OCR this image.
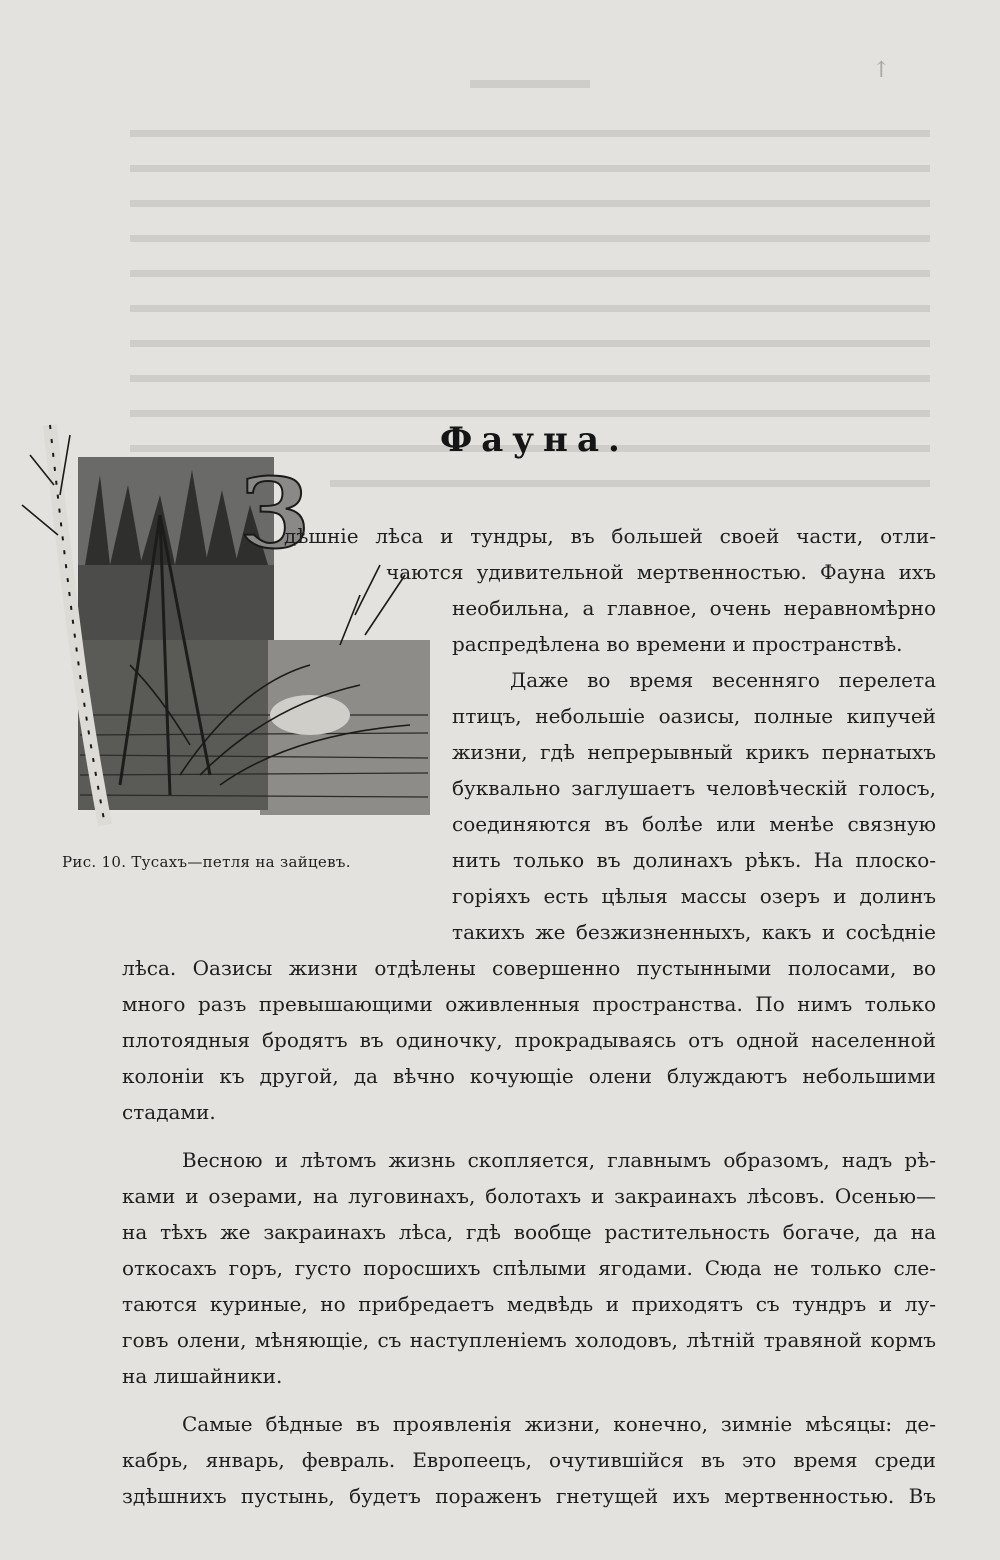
↑
Фауна.
З
Рис. 10. Тусахъ—петля на зайцевъ.
дѣшніе лѣса и тундры, въ большей своей части, отли-
чаются удивительной мертвенностью. Фауна ихъ
необильна, а главное, очень неравномѣрно
распредѣлена во времени и пространствѣ.
Даже во время весенняго перелета
птицъ, небольшіе оазисы, полные кипучей
жизни, гдѣ непрерывный крикъ пернатыхъ
буквально заглушаетъ человѣческій голосъ,
соединяются въ болѣе или менѣе связную
нить только въ долинахъ рѣкъ. На плоско-
горіяхъ есть цѣлыя массы озеръ и долинъ
такихъ же безжизненныхъ, какъ и сосѣдніе
лѣса. Оазисы жизни отдѣлены совершенно пустынными полосами, во
много разъ превышающими оживленныя пространства. По нимъ только
плотоядныя бродятъ въ одиночку, прокрадываясь отъ одной населенной
колоніи къ другой, да вѣчно кочующіе олени блуждаютъ небольшими
стадами.
Весною и лѣтомъ жизнь скопляется, главнымъ образомъ, надъ рѣ-
ками и озерами, на луговинахъ, болотахъ и закраинахъ лѣсовъ. Осенью—
на тѣхъ же закраинахъ лѣса, гдѣ вообще растительность богаче, да на
откосахъ горъ, густо поросшихъ спѣлыми ягодами. Сюда не только сле-
таются куриные, но прибредаетъ медвѣдь и приходятъ съ тундръ и лу-
говъ олени, мѣняющіе, съ наступленіемъ холодовъ, лѣтній травяной кормъ
на лишайники.
Самые бѣдные въ проявленія жизни, конечно, зимніе мѣсяцы: де-
кабрь, январь, февраль. Европеецъ, очутившійся въ это время среди
здѣшнихъ пустынь, будетъ пораженъ гнетущей ихъ мертвенностью. Въ
